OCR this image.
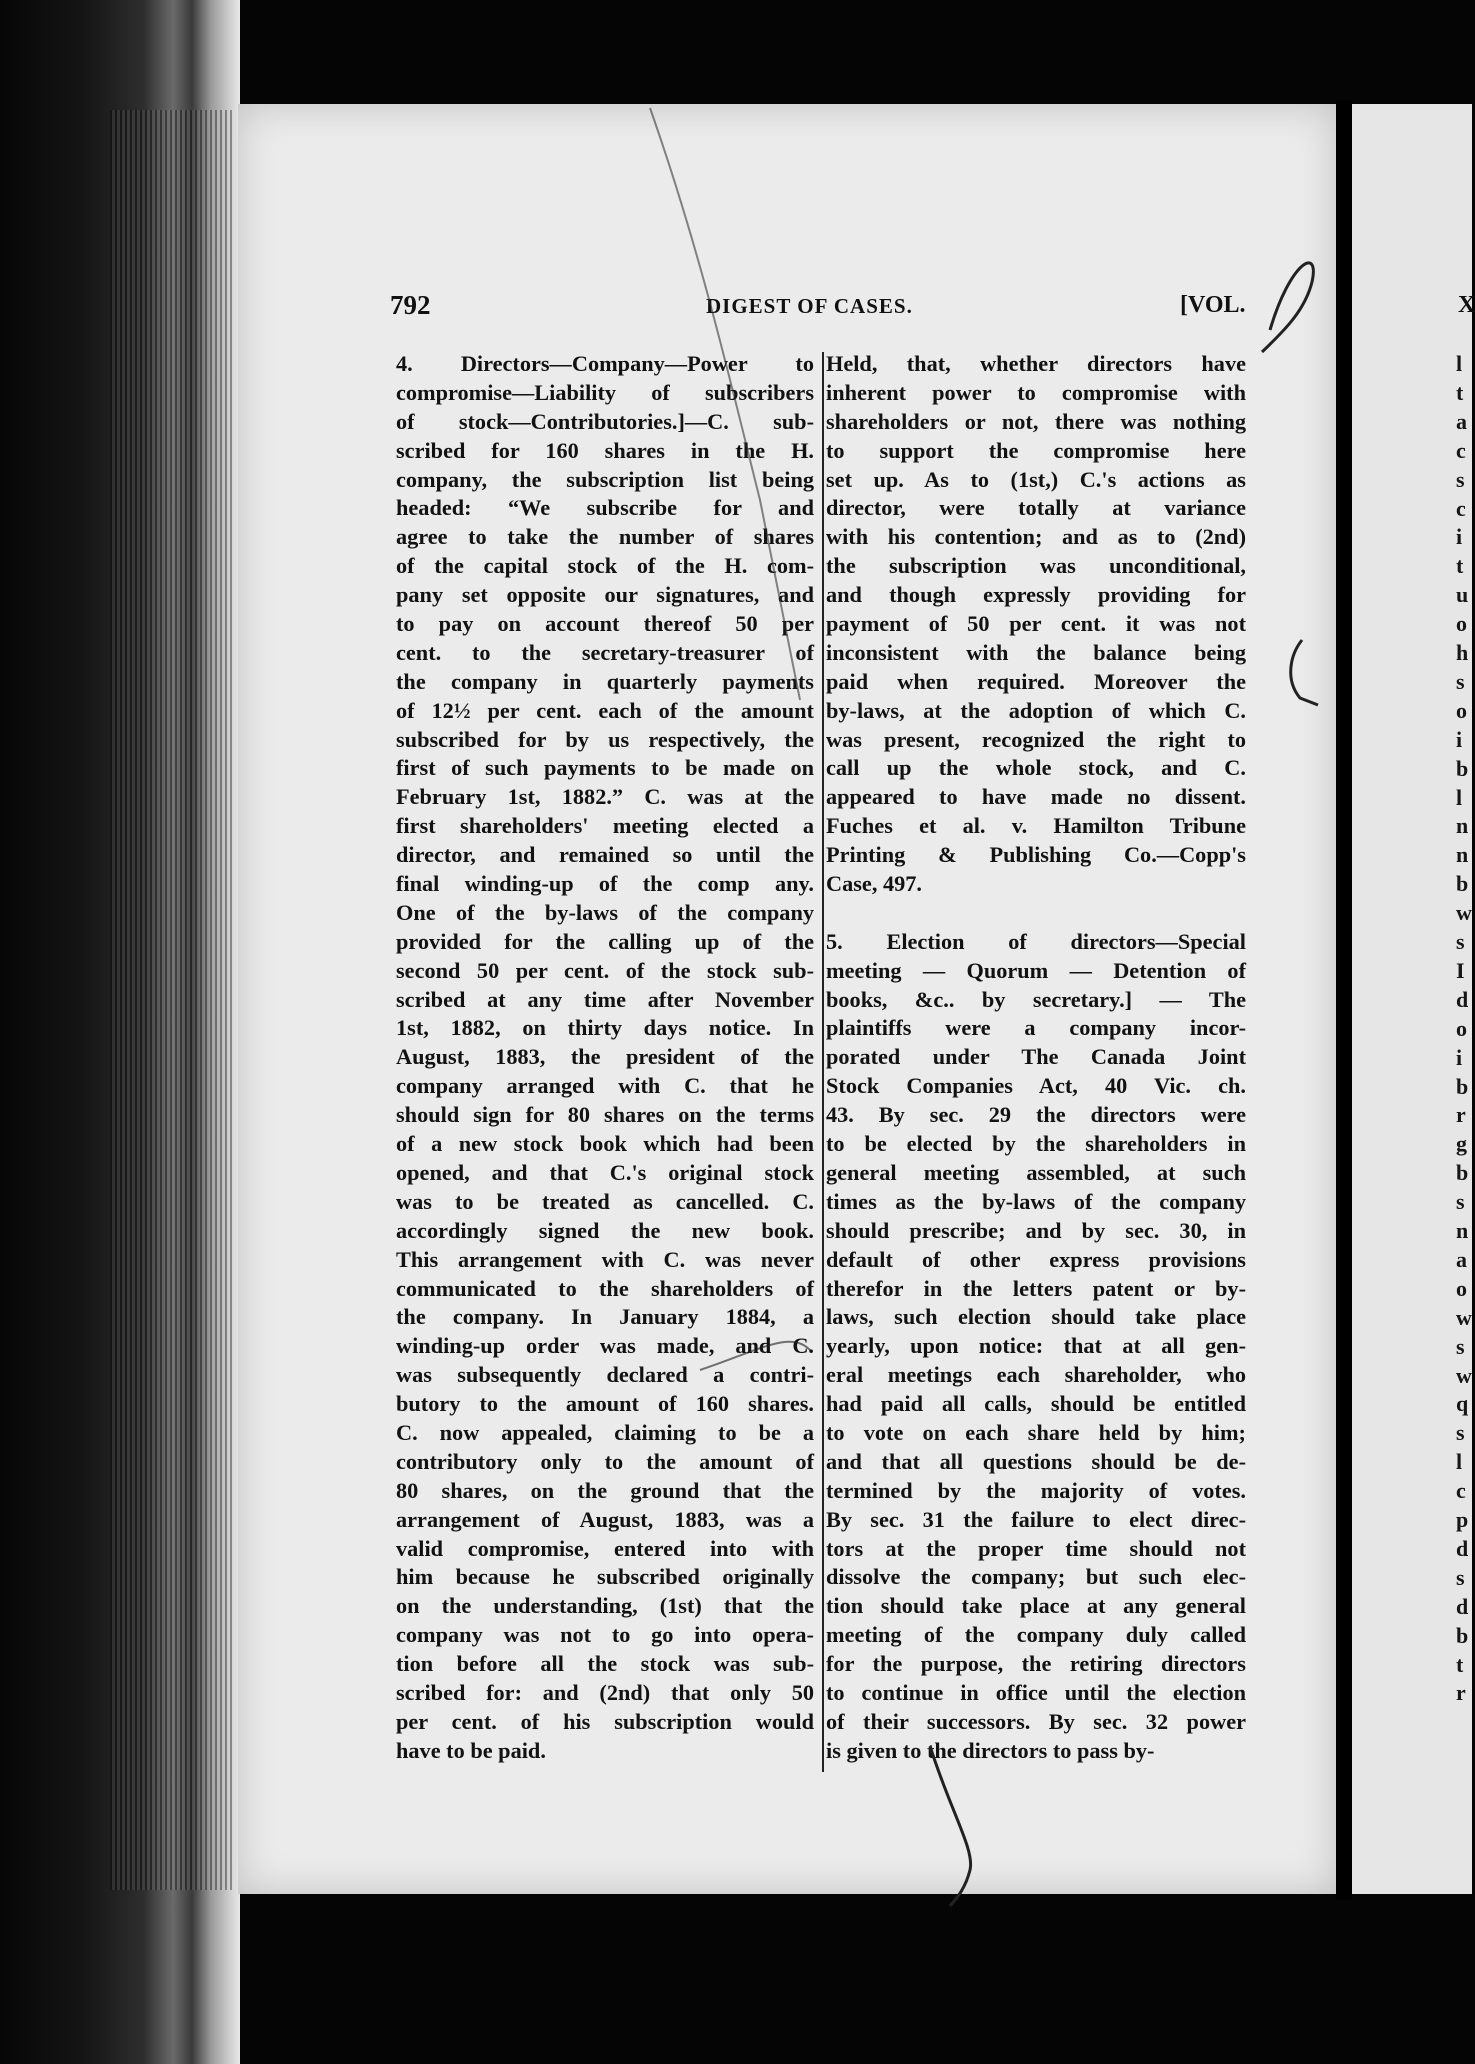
l
t
a
c
s
c
i
t
u
o
h
s
o
i
b
l
n
n
b
w
s
I
d
o
i
b
r
g
b
s
n
a
o
w
s
w
q
s
l
c
p
d
s
d
b
t
r
792	DIGEST OF CASES.	[VOL.	X
4. Directors—Company—Power to
compromise—Liability of subscribers
of stock—Contributories.]—C. sub-
scribed for 160 shares in the H.
company, the subscription list being
headed: “We subscribe for and
agree to take the number of shares
of the capital stock of the H. com-
pany set opposite our signatures, and
to pay on account thereof 50 per
cent. to the secretary-treasurer of
the company in quarterly payments
of 12½ per cent. each of the amount
subscribed for by us respectively, the
first of such payments to be made on
February 1st, 1882.” C. was at the
first shareholders' meeting elected a
director, and remained so until the
final winding-up of the comp any.
One of the by-laws of the company
provided for the calling up of the
second 50 per cent. of the stock sub-
scribed at any time after November
1st, 1882, on thirty days notice. In
August, 1883, the president of the
company arranged with C. that he
should sign for 80 shares on the terms
of a new stock book which had been
opened, and that C.'s original stock
was to be treated as cancelled. C.
accordingly signed the new book.
This arrangement with C. was never
communicated to the shareholders of
the company. In January 1884, a
winding-up order was made, and C.
was subsequently declared a contri-
butory to the amount of 160 shares.
C. now appealed, claiming to be a
contributory only to the amount of
80 shares, on the ground that the
arrangement of August, 1883, was a
valid compromise, entered into with
him because he subscribed originally
on the understanding, (1st) that the
company was not to go into opera-
tion before all the stock was sub-
scribed for: and (2nd) that only 50
per cent. of his subscription would
have to be paid.
Held, that, whether directors have
inherent power to compromise with
shareholders or not, there was nothing
to support the compromise here
set up. As to (1st,) C.'s actions as
director, were totally at variance
with his contention; and as to (2nd)
the subscription was unconditional,
and though expressly providing for
payment of 50 per cent. it was not
inconsistent with the balance being
paid when required. Moreover the
by-laws, at the adoption of which C.
was present, recognized the right to
call up the whole stock, and C.
appeared to have made no dissent.
Fuches et al. v. Hamilton Tribune
Printing & Publishing Co.—Copp's
Case, 497.
5. Election of directors—Special
meeting — Quorum — Detention of
books, &c.. by secretary.] — The
plaintiffs were a company incor-
porated under The Canada Joint
Stock Companies Act, 40 Vic. ch.
43. By sec. 29 the directors were
to be elected by the shareholders in
general meeting assembled, at such
times as the by-laws of the company
should prescribe; and by sec. 30, in
default of other express provisions
therefor in the letters patent or by-
laws, such election should take place
yearly, upon notice: that at all gen-
eral meetings each shareholder, who
had paid all calls, should be entitled
to vote on each share held by him;
and that all questions should be de-
termined by the majority of votes.
By sec. 31 the failure to elect direc-
tors at the proper time should not
dissolve the company; but such elec-
tion should take place at any general
meeting of the company duly called
for the purpose, the retiring directors
to continue in office until the election
of their successors. By sec. 32 power
is given to the directors to pass by-
